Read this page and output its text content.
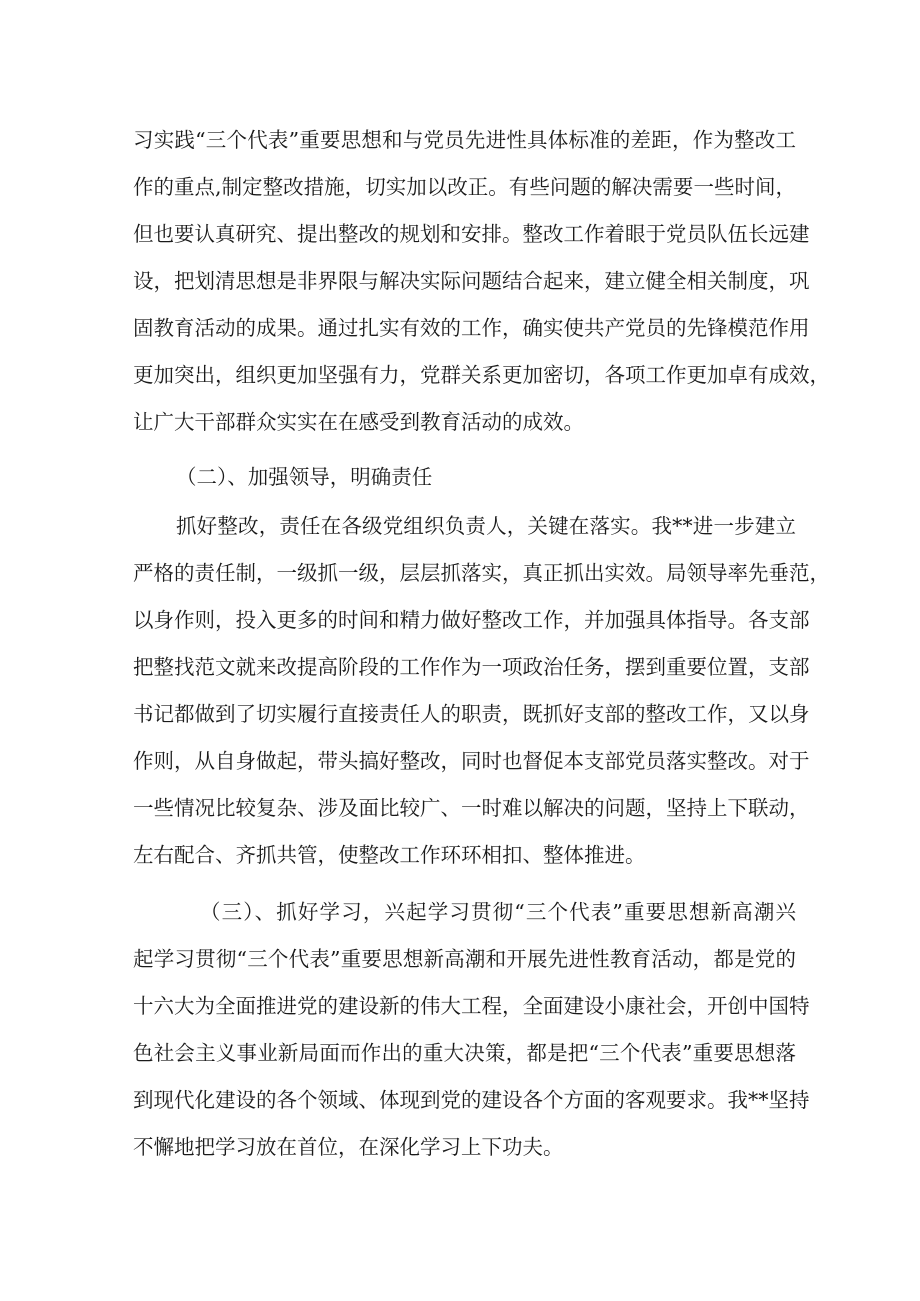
习实践“三个代表”重要思想和与党员先进性具体标准的差距，作为整改工
作的重点,制定整改措施，切实加以改正。有些问题的解决需要一些时间，
但也要认真研究、提出整改的规划和安排。整改工作着眼于党员队伍长远建
设，把划清思想是非界限与解决实际问题结合起来，建立健全相关制度，巩
固教育活动的成果。通过扎实有效的工作，确实使共产党员的先锋模范作用
更加突出，组织更加坚强有力，党群关系更加密切，各项工作更加卓有成效，
让广大干部群众实实在在感受到教育活动的成效。
（二）、加强领导，明确责任
抓好整改，责任在各级党组织负责人，关键在落实。我**进一步建立
严格的责任制，一级抓一级，层层抓落实，真正抓出实效。局领导率先垂范，
以身作则，投入更多的时间和精力做好整改工作，并加强具体指导。各支部
把整找范文就来改提高阶段的工作作为一项政治任务，摆到重要位置，支部
书记都做到了切实履行直接责任人的职责，既抓好支部的整改工作，又以身
作则，从自身做起，带头搞好整改，同时也督促本支部党员落实整改。对于
一些情况比较复杂、涉及面比较广、一时难以解决的问题，坚持上下联动，
左右配合、齐抓共管，使整改工作环环相扣、整体推进。
（三）、抓好学习，兴起学习贯彻“三个代表”重要思想新高潮兴
起学习贯彻“三个代表”重要思想新高潮和开展先进性教育活动，都是党的
十六大为全面推进党的建设新的伟大工程，全面建设小康社会，开创中国特
色社会主义事业新局面而作出的重大决策，都是把“三个代表”重要思想落
到现代化建设的各个领域、体现到党的建设各个方面的客观要求。我**坚持
不懈地把学习放在首位，在深化学习上下功夫。
